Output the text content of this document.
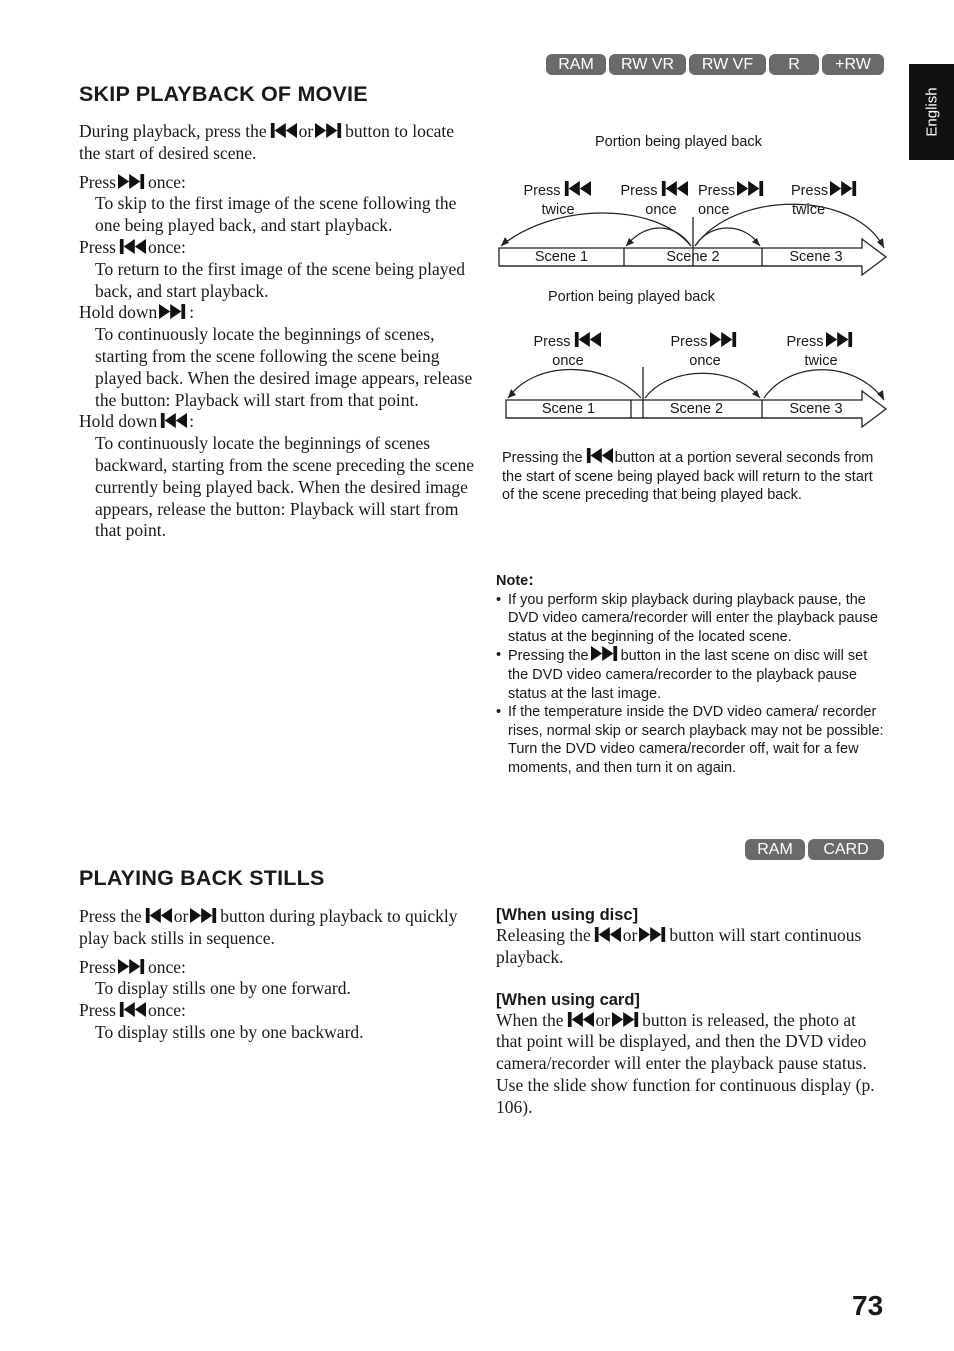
RAM	RW VR	RW VF	R	+RW
English
SKIP PLAYBACK OF MOVIE
During playback, press the or button to locate the start of desired scene.
Press once:
To skip to the first image of the scene following the one being played back, and start playback.
Press once:
To return to the first image of the scene being played back, and start playback.
Hold down :
To continuously locate the beginnings of scenes, starting from the scene following the scene being played back. When the desired image appears, release the button: Playback will start from that point.
Hold down :
To continuously locate the beginnings of scenes backward, starting from the scene preceding the scene currently being played back. When the desired image appears, release the button: Playback will start from that point.
Portion being played back
Press
twice
Press
once
Press
once
Press
twice
Scene 1	Scene 2	Scene 3
Portion being played back
Press
once
Press
once
Press
twice
Scene 1	Scene 2	Scene 3
Pressing the button at a portion several seconds from the start of scene being played back will return to the start of the scene preceding that being played back.
Note:
• If you perform skip playback during playback pause, the DVD video camera/recorder will enter the playback pause status at the beginning of the located scene.
• Pressing the button in the last scene on disc will set the DVD video camera/recorder to the playback pause status at the last image.
• If the temperature inside the DVD video camera/ recorder rises, normal skip or search playback may not be possible: Turn the DVD video camera/recorder off, wait for a few moments, and then turn it on again.
RAM	CARD
PLAYING BACK STILLS
Press the or button during playback to quickly play back stills in sequence.
Press once:
To display stills one by one forward.
Press once:
To display stills one by one backward.
[When using disc]
Releasing the or button will start continuous playback.
[When using card]
When the or button is released, the photo at that point will be displayed, and then the DVD video camera/recorder will enter the playback pause status.
Use the slide show function for continuous display (p. 106).
73
